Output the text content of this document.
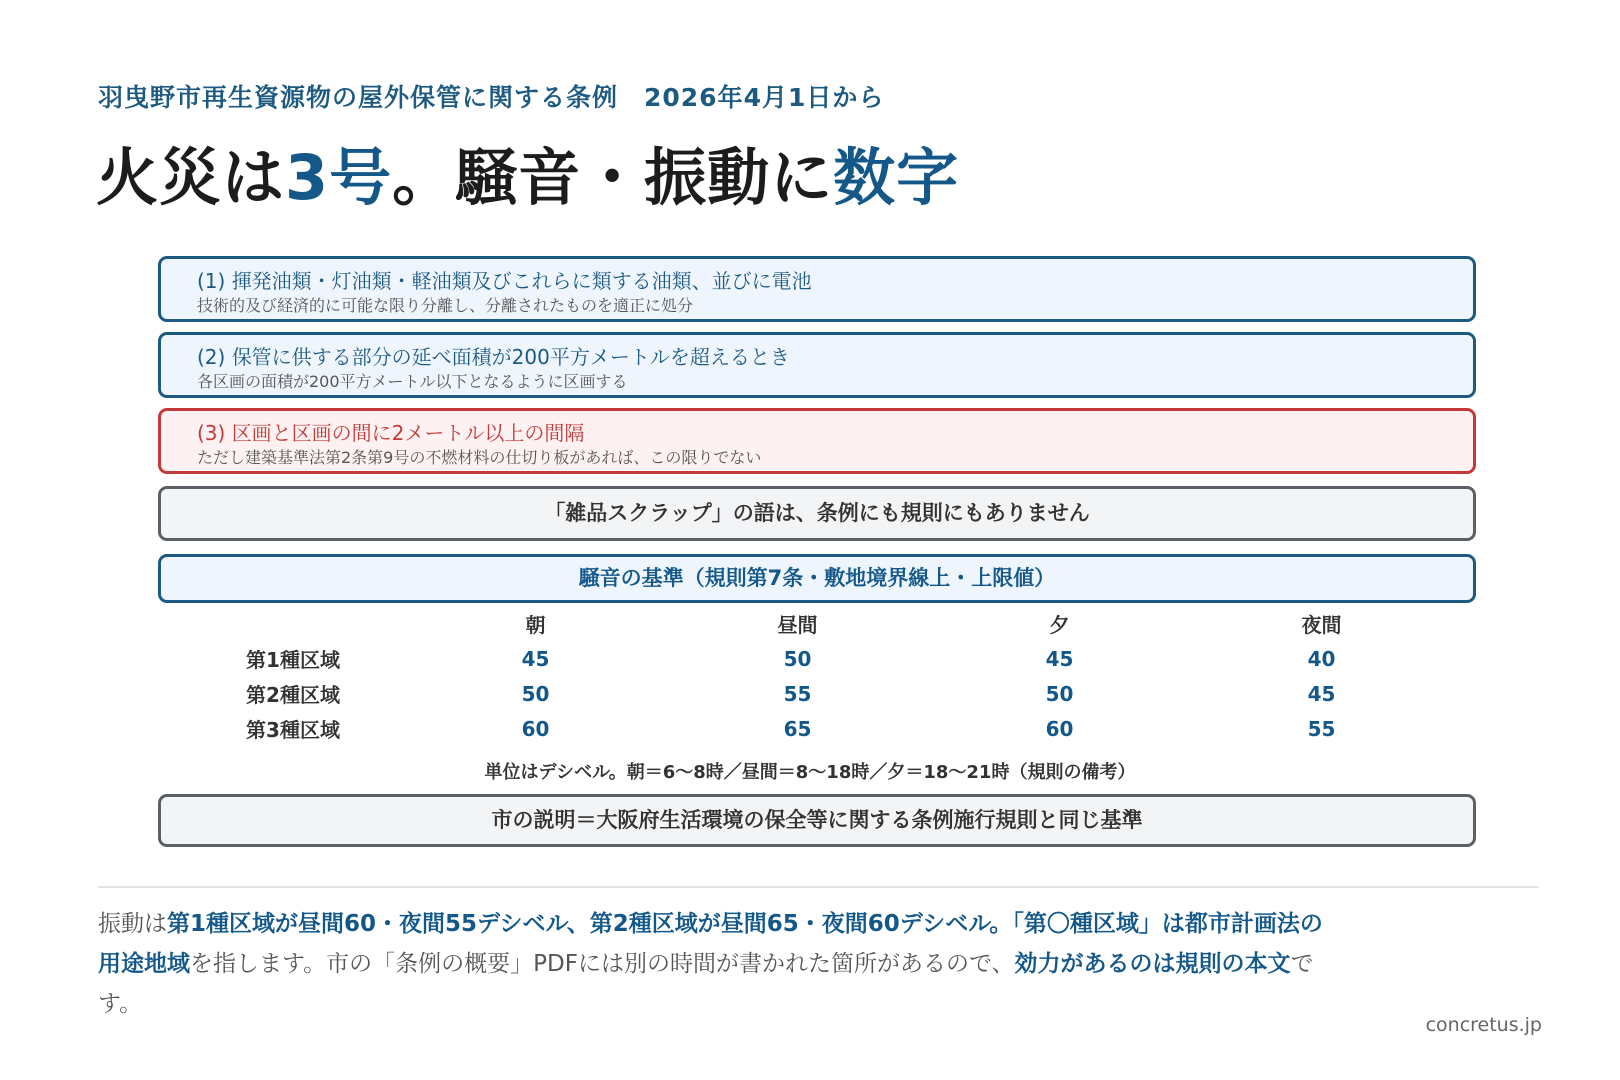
羽曳野市再生資源物の屋外保管に関する条例　2026年4月1日から
火災は3号。騒音・振動に数字
(1) 揮発油類・灯油類・軽油類及びこれらに類する油類、並びに電池
技術的及び経済的に可能な限り分離し、分離されたものを適正に処分
(2) 保管に供する部分の延べ面積が200平方メートルを超えるとき
各区画の面積が200平方メートル以下となるように区画する
(3) 区画と区画の間に2メートル以上の間隔
ただし建築基準法第2条第9号の不燃材料の仕切り板があれば、この限りでない
「雑品スクラップ」の語は、条例にも規則にもありません
騒音の基準（規則第7条・敷地境界線上・上限値）
	朝	昼間	夕	夜間
第1種区域	45	50	45	40
第2種区域	50	55	50	45
第3種区域	60	65	60	55
単位はデシベル。朝＝6〜8時／昼間＝8〜18時／夕＝18〜21時（規則の備考）
市の説明＝大阪府生活環境の保全等に関する条例施行規則と同じ基準
振動は第1種区域が昼間60・夜間55デシベル、第2種区域が昼間65・夜間60デシベル。「第〇種区域」は都市計画法の用途地域を指します。市の「条例の概要」PDFには別の時間が書かれた箇所があるので、効力があるのは規則の本文です。
concretus.jp
